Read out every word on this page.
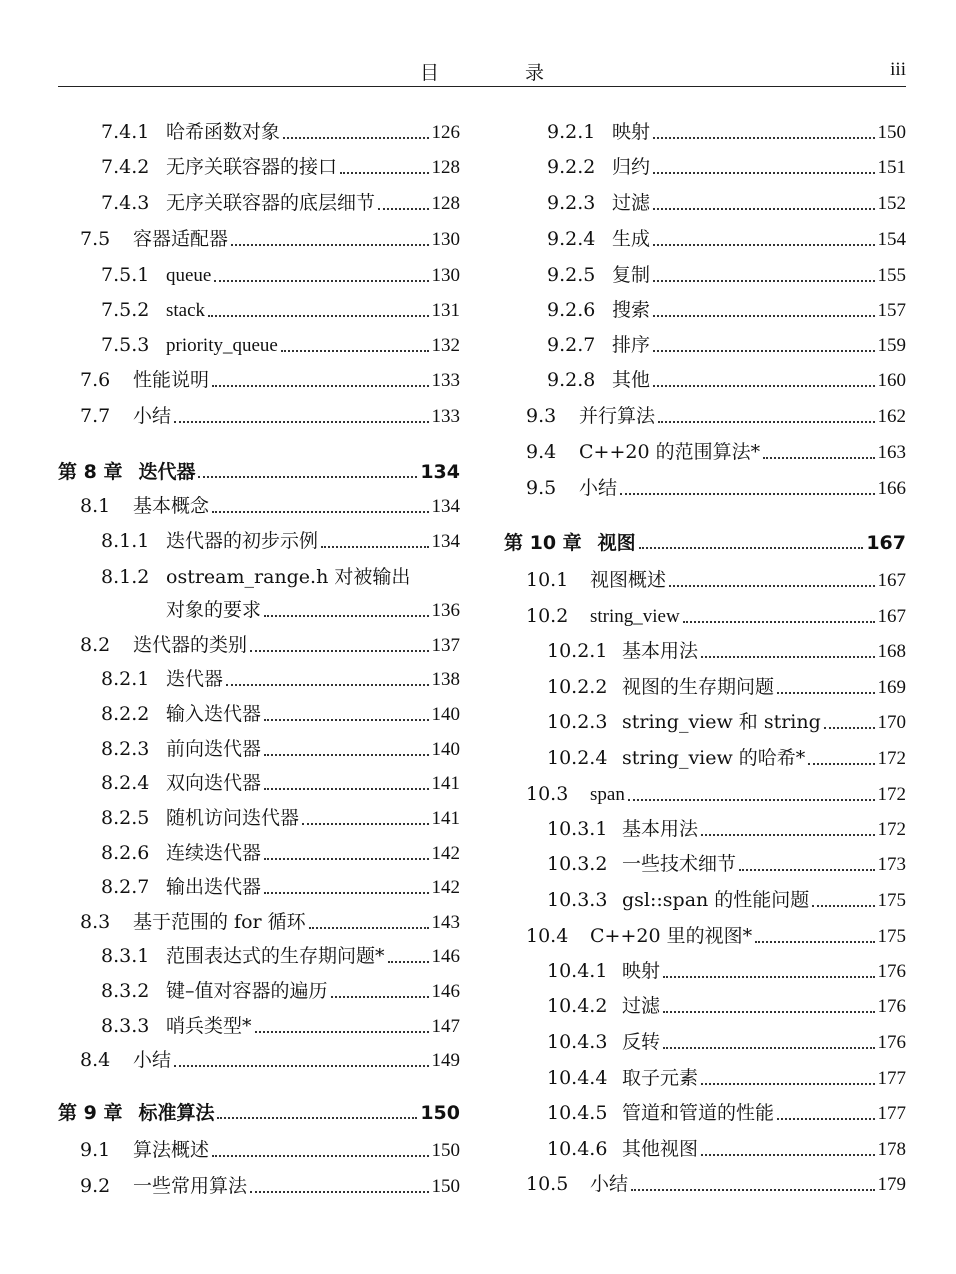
目 录	iii
7.4.1 哈希函数对象	126
7.4.2 无序关联容器的接口	128
7.4.3 无序关联容器的底层细节	128
7.5	容器适配器	130
7.5.1 queue	130
7.5.2 stack	131
7.5.3 priority_queue	132
7.6	性能说明	133
7.7	小结	133
第 8 章 迭代器	134
8.1	基本概念	134
8.1.1 迭代器的初步示例	134
8.1.2 ostream_range.h 对被输出
对象的要求	136
8.2	迭代器的类别	137
8.2.1 迭代器	138
8.2.2 输入迭代器	140
8.2.3 前向迭代器	140
8.2.4 双向迭代器	141
8.2.5 随机访问迭代器	141
8.2.6 连续迭代器	142
8.2.7 输出迭代器	142
8.3	基于范围的 for 循环	143
8.3.1 范围表达式的生存期问题* 146
8.3.2 键–值对容器的遍历	146
8.3.3 哨兵类型*	147
8.4	小结	149
第 9 章 标准算法	150
9.1	算法概述	150
9.2	一些常用算法	150
9.2.1 映射	150
9.2.2 归约	151
9.2.3 过滤	152
9.2.4 生成	154
9.2.5 复制	155
9.2.6 搜索	157
9.2.7 排序	159
9.2.8 其他	160
9.3	并行算法	162
9.4	C++20 的范围算法*	163
9.5	小结	166
第 10 章 视图	167
10.1	视图概述	167
10.2	string_view	167
10.2.1 基本用法	168
10.2.2 视图的生存期问题	169
10.2.3 string_view 和 string	170
10.2.4 string_view 的哈希*	172
10.3	span	172
10.3.1 基本用法	172
10.3.2 一些技术细节	173
10.3.3 gsl::span 的性能问题	175
10.4	C++20 里的视图*	175
10.4.1 映射	176
10.4.2 过滤	176
10.4.3 反转	176
10.4.4 取子元素	177
10.4.5 管道和管道的性能	177
10.4.6 其他视图	178
10.5	小结	179
